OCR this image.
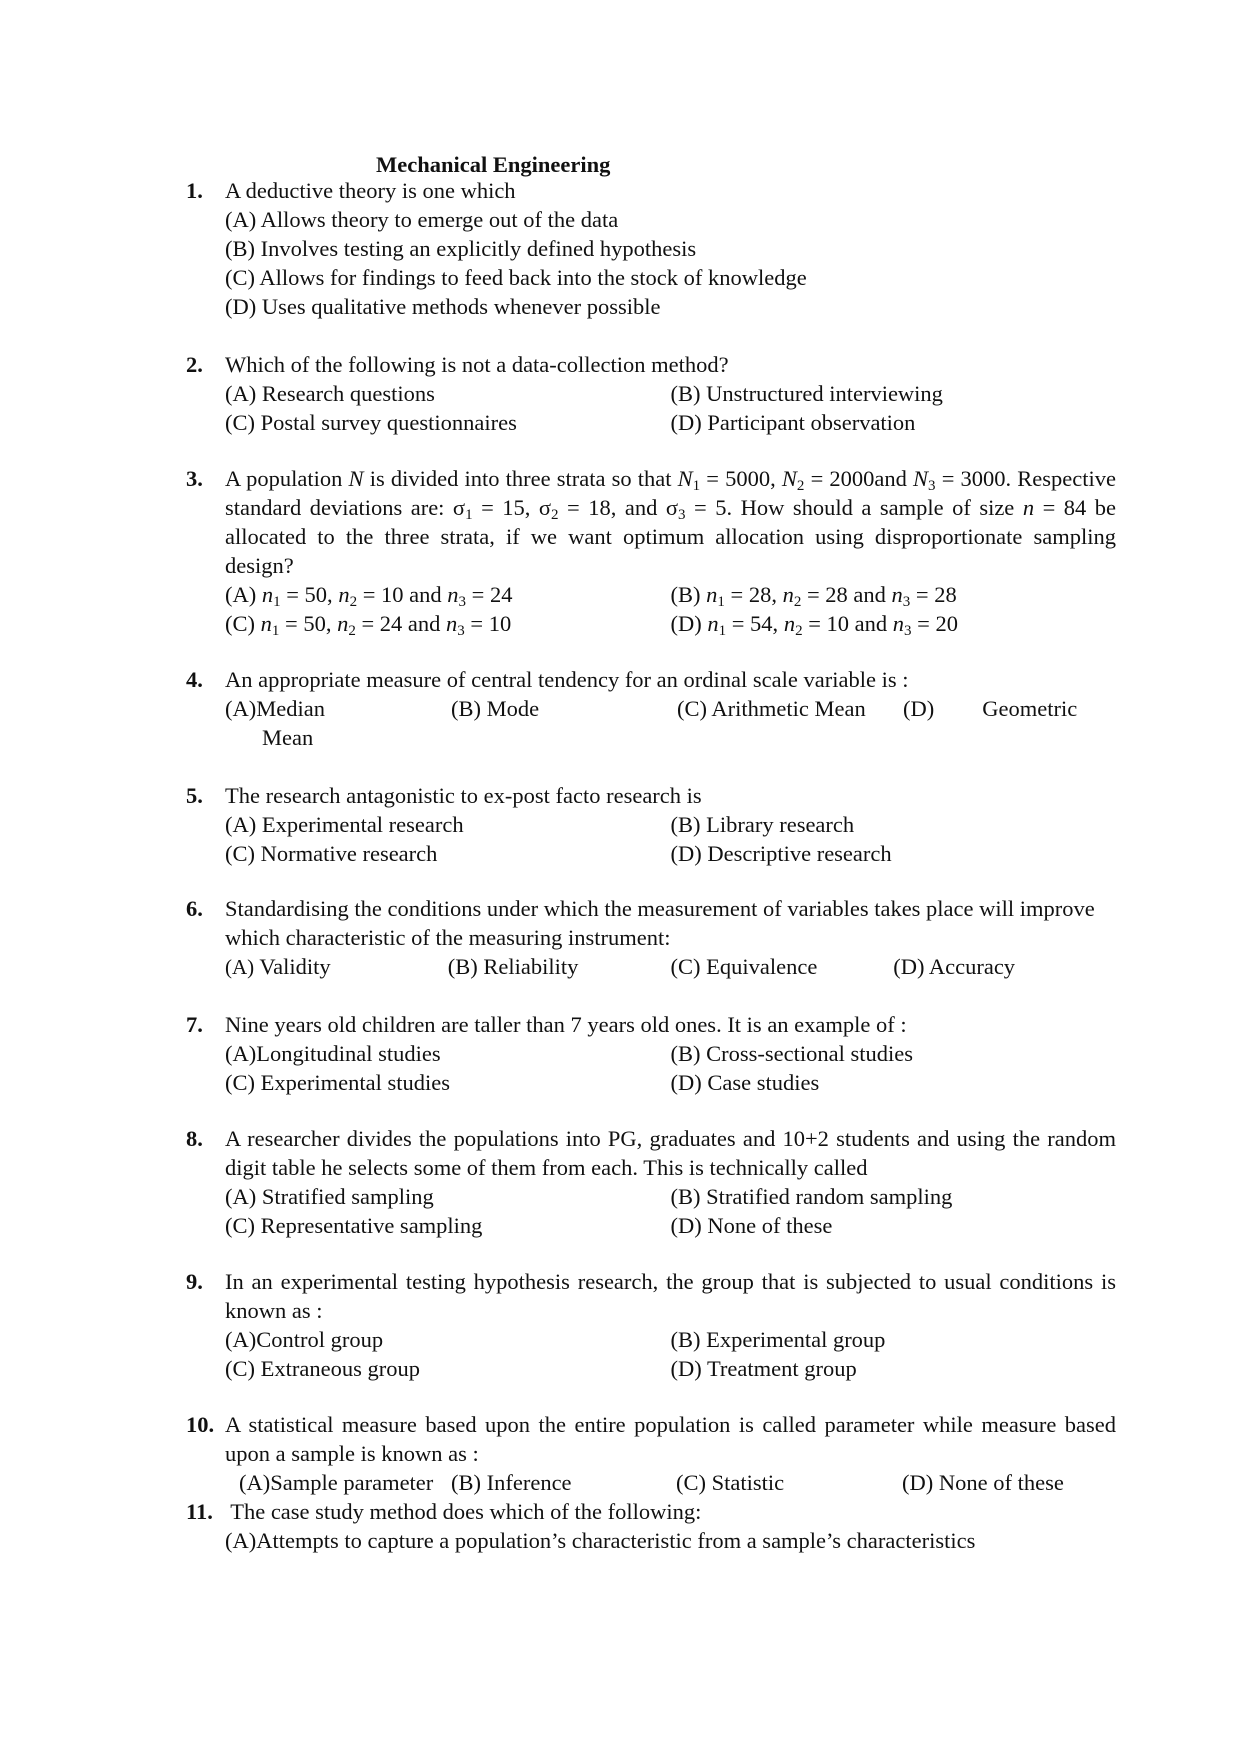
Mechanical Engineering
1. A deductive theory is one which
(A) Allows theory to emerge out of the data
(B) Involves testing an explicitly defined hypothesis
(C) Allows for findings to feed back into the stock of knowledge
(D) Uses qualitative methods whenever possible
2. Which of the following is not a data-collection method?
(A) Research questions	(B) Unstructured interviewing
(C) Postal survey questionnaires	(D) Participant observation
3. A population N is divided into three strata so that $N_1 = 5000$, $N_2 = 2000and$ $N_3 = 3000$. Respective standard deviations are: $\sigma_1 = 15$, $\sigma_2 = 18$, and $\sigma_3 = 5$. How should a sample of size n = 84 be allocated to the three strata, if we want optimum allocation using disproportionate sampling design?
(A) $n_1 = 50$, $n_2 = 10$ and $n_3 = 24$	(B) $n_1 = 28$, $n_2 = 28$ and $n_3 = 28$
(C) $n_1 = 50$, $n_2 = 24$ and $n_3 = 10$	(D) $n_1 = 54$, $n_2 = 10$ and $n_3 = 20$
4. An appropriate measure of central tendency for an ordinal scale variable is :
(A)Median	(B) Mode	(C) Arithmetic Mean	(D) Geometric
Mean
5. The research antagonistic to ex-post facto research is
(A) Experimental research	(B) Library research
(C) Normative research	(D) Descriptive research
6. Standardising the conditions under which the measurement of variables takes place will improve which characteristic of the measuring instrument:
(A) Validity	(B) Reliability	(C) Equivalence	(D) Accuracy
7. Nine years old children are taller than 7 years old ones. It is an example of :
(A)Longitudinal studies	(B) Cross-sectional studies
(C) Experimental studies	(D) Case studies
8. A researcher divides the populations into PG, graduates and 10+2 students and using the random digit table he selects some of them from each. This is technically called
(A) Stratified sampling	(B) Stratified random sampling
(C) Representative sampling	(D) None of these
9. In an experimental testing hypothesis research, the group that is subjected to usual conditions is known as :
(A)Control group	(B) Experimental group
(C) Extraneous group	(D) Treatment group
10. A statistical measure based upon the entire population is called parameter while measure based upon a sample is known as :
(A)Sample parameter (B) Inference	(C) Statistic	(D) None of these
11. The case study method does which of the following:
(A)Attempts to capture a population’s characteristic from a sample’s characteristics
